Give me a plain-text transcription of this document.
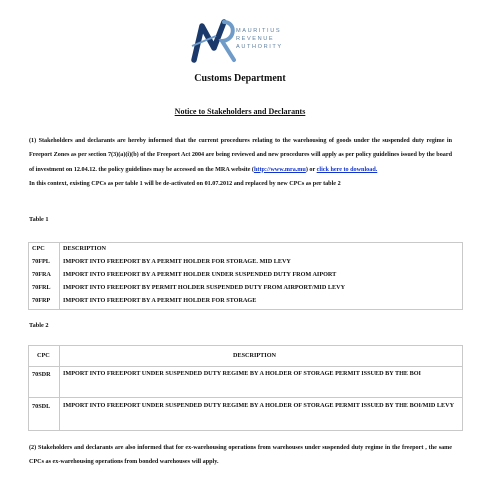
MAURITIUS
REVENUE
AUTHORITY
Customs Department
Notice to Stakeholders and Declarants
(1) Stakeholders and declarants are hereby informed that the current procedures relating to the warehousing of goods under the suspended duty regime in Freeport Zones as per section 7(3)(a)(i)(b) of the Freeport Act 2004 are being reviewed and new procedures will apply as per policy guidelines issued by the board of investment on 12.04.12. the policy guidelines may be accessed on the MRA website (http://www.mra.mu) or click here to download.
In this context, existing CPCs as per table 1 will be de-activated on 01.07.2012 and replaced by new CPCs as per table 2
Table 1
CPC	DESCRIPTION
70FPL IMPORT INTO FREEPORT BY A PERMIT HOLDER FOR STORAGE. MID LEVY
70FRA IMPORT INTO FREEPORT BY A PERMIT HOLDER UNDER SUSPENDED DUTY FROM AIPORT
70FRL IMPORT INTO FREEPORT BY PERMIT HOLDER SUSPENDED DUTY FROM AIRPORT/MID LEVY
70FRP IMPORT INTO FREEPORT BY A PERMIT HOLDER FOR STORAGE
Table 2
CPC	DESCRIPTION
70SDR IMPORT INTO FREEPORT UNDER SUSPENDED DUTY REGIME BY A HOLDER OF STORAGE PERMIT ISSUED BY THE BOI
70SDL IMPORT INTO FREEPORT UNDER SUSPENDED DUTY REGIME BY A HOLDER OF STORAGE PERMIT ISSUED BY THE BOI/MID LEVY
(2) Stakeholders and declarants are also informed that for ex-warehousing operations from warehouses under suspended duty regime in the freeport , the same CPCs as ex-warehousing operations from bonded warehouses will apply.
